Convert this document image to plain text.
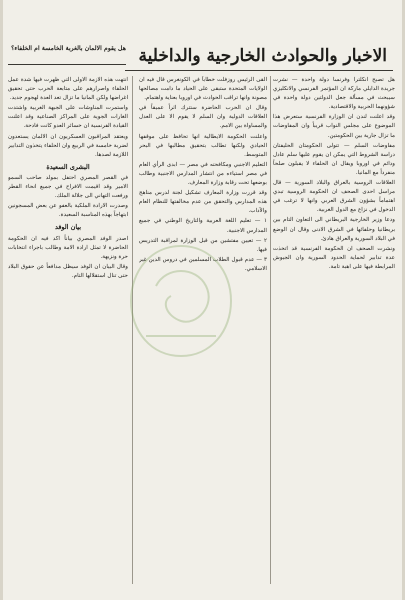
الاخبار والحوادث الخارجية والداخلية
هل يقوم الالمان بالغربة الخامسة ام الخلفاء؟

هل تصبح انكلترا وفرنسا دولة واحدة — نشرت جريدة الدايلي ماركة ان المؤتمر الفرنسي والانكليزي سيبحث في مسألة جعل الدولتين دولة واحدة في شؤونهما الحربية والاقتصادية.

وقد اعلنت لندن ان الوزارة الفرنسية ستعرض هذا الموضوع على مجلس النواب قريباً وان المفاوضات ما تزال جارية بين الحكومتين.

مفاوضات السلم — تتولى الحكومتان الحليفتان دراسة الشروط التي يمكن ان يقوم عليها سلم عادل ودائم في اوروبا ويقال ان الحلفاء لا يقبلون صلحاً منفرداً مع المانيا.

العلاقات الروسية بالعراق والبلاد السورية — قال مراسل احدى الصحف ان الحكومة الروسية تبدي اهتماماً بشؤون الشرق العربي وانها لا ترغب في الدخول في نزاع مع الدول الغربية.

ودعا وزير الخارجية البريطاني الى التعاون التام بين بريطانيا وحلفائها في الشرق الادنى وقال ان الوضع في البلاد السورية والعراق هادئ.

ونشرت الصحف ان الحكومة الفرنسية قد اتخذت عدة تدابير لحماية الحدود السورية وان الجيوش المرابطة فيها على اهبة تامة.

القى الرئيس روزفلت خطاباً في الكونغرس قال فيه ان الولايات المتحدة ستبقى على الحياد ما دامت مصالحها مصونة وانها تراقب الحوادث في اوروبا بعناية واهتمام.

وقال ان الحرب الحاضرة ستترك اثراً عميقاً في العلاقات الدولية وان السلم لا يقوم الا على العدل والمساواة بين الامم.

واعلنت الحكومة الايطالية انها تحافظ على موقفها الحيادي ولكنها تطالب بتحقيق مطالبها في البحر المتوسط.

التعليم الاجنبي ومكافحته في مصر — ابدى الرأي العام في مصر استياءه من انتشار المدارس الاجنبية وطالب بوضعها تحت رقابة وزارة المعارف.

وقد قررت وزارة المعارف تشكيل لجنة لدرس مناهج هذه المدارس والتحقق من عدم مخالفتها للنظام العام والآداب.

١ — تعليم اللغة العربية والتاريخ الوطني في جميع المدارس الاجنبية.

٢ — تعيين مفتشين من قبل الوزارة لمراقبة التدريس فيها.

٣ — عدم قبول الطلاب المسلمين في دروس الدين غير الاسلامي.

انتهت هذه الازمة الاولى التي ظهرت فيها شدة عمل الحلفاء واصرارهم على متابعة الحرب حتى تحقيق اغراضها ولكن المانيا ما تزال تعد العدة لهجوم جديد.

واستمرت المناوشات على الجبهة الغربية واشتدت الغارات الجوية على المراكز الصناعية وقد اعلنت القيادة الفرنسية ان خسائر العدو كانت فادحة.

ويعتقد المراقبون العسكريون ان الالمان يستعدون لضربة خامسة في الربيع وان الحلفاء يتخذون التدابير اللازمة لصدها.

البشرى السعيدة

في القصر المصري احتفل بمولد صاحب السمو الامير وقد اقيمت الافراح في جميع انحاء القطر ورفعت التهاني الى جلالة الملك.

وصدرت الارادة الملكية بالعفو عن بعض المسجونين ابتهاجاً بهذه المناسبة السعيدة.

بيان الوفد

اصدر الوفد المصري بياناً اكد فيه ان الحكومة الحاضرة لا تمثل ارادة الامة وطالب باجراء انتخابات حرة ونزيهة.

وقال البيان ان الوفد سيظل مدافعاً عن حقوق البلاد حتى تنال استقلالها التام.
